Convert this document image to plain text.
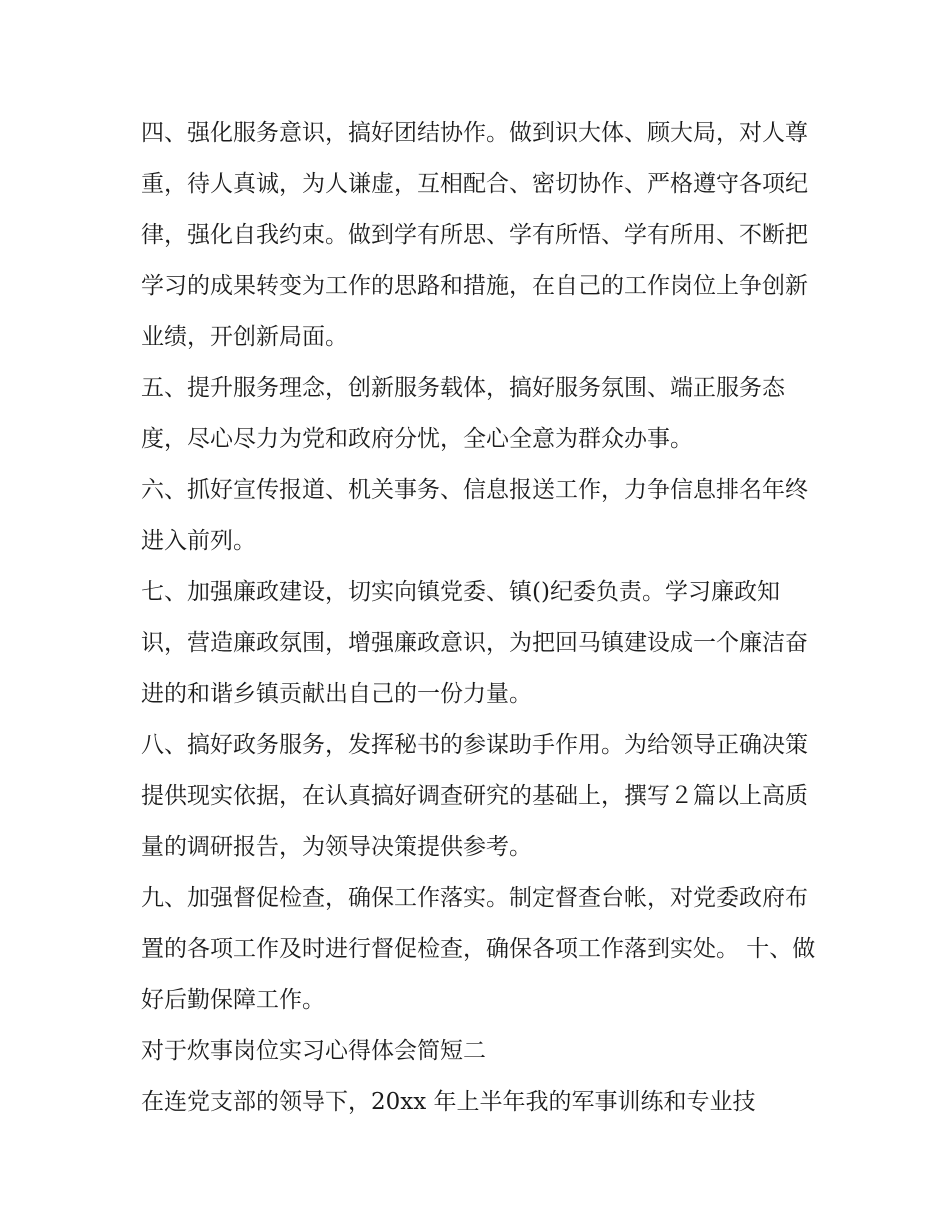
四、强化服务意识，搞好团结协作。做到识大体、顾大局，对人尊重，待人真诚，为人谦虚，互相配合、密切协作、严格遵守各项纪律，强化自我约束。做到学有所思、学有所悟、学有所用、不断把学习的成果转变为工作的思路和措施，在自己的工作岗位上争创新业绩，开创新局面。

五、提升服务理念，创新服务载体，搞好服务氛围、端正服务态度，尽心尽力为党和政府分忧，全心全意为群众办事。

六、抓好宣传报道、机关事务、信息报送工作，力争信息排名年终进入前列。

七、加强廉政建设，切实向镇党委、镇()纪委负责。学习廉政知识，营造廉政氛围，增强廉政意识，为把回马镇建设成一个廉洁奋进的和谐乡镇贡献出自己的一份力量。

八、搞好政务服务，发挥秘书的参谋助手作用。为给领导正确决策提供现实依据，在认真搞好调查研究的基础上，撰写２篇以上高质量的调研报告，为领导决策提供参考。

九、加强督促检查，确保工作落实。制定督查台帐，对党委政府布置的各项工作及时进行督促检查，确保各项工作落到实处。 十、做好后勤保障工作。

对于炊事岗位实习心得体会简短二

在连党支部的领导下，20xx 年上半年我的军事训练和专业技
